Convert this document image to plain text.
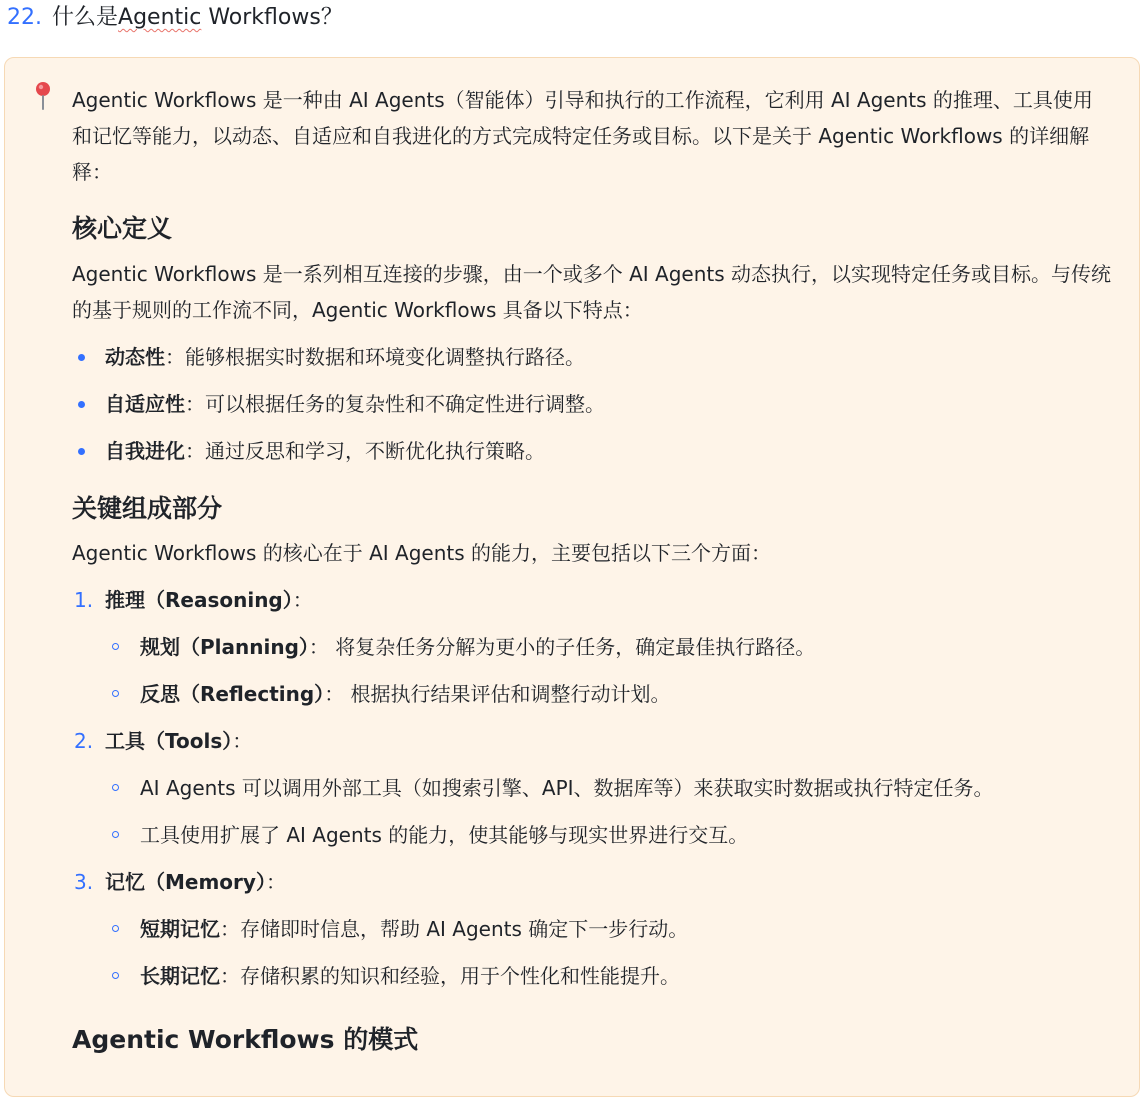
22. 什么是Agentic Workflows？

Agentic Workflows 是一种由 AI Agents（智能体）引导和执行的工作流程，它利用 AI Agents 的推理、工具使用和记忆等能力，以动态、自适应和自我进化的方式完成特定任务或目标。以下是关于 Agentic Workflows 的详细解释：

核心定义

Agentic Workflows 是一系列相互连接的步骤，由一个或多个 AI Agents 动态执行，以实现特定任务或目标。与传统的基于规则的工作流不同，Agentic Workflows 具备以下特点：

动态性：能够根据实时数据和环境变化调整执行路径。
自适应性：可以根据任务的复杂性和不确定性进行调整。
自我进化：通过反思和学习，不断优化执行策略。
关键组成部分

Agentic Workflows 的核心在于 AI Agents 的能力，主要包括以下三个方面：

1. 推理（Reasoning）：
规划（Planning）： 将复杂任务分解为更小的子任务，确定最佳执行路径。
反思（Reflecting）： 根据执行结果评估和调整行动计划。
2. 工具（Tools）：
AI Agents 可以调用外部工具（如搜索引擎、API、数据库等）来获取实时数据或执行特定任务。
工具使用扩展了 AI Agents 的能力，使其能够与现实世界进行交互。
3. 记忆（Memory）：
短期记忆：存储即时信息，帮助 AI Agents 确定下一步行动。
长期记忆：存储积累的知识和经验，用于个性化和性能提升。
Agentic Workflows 的模式
